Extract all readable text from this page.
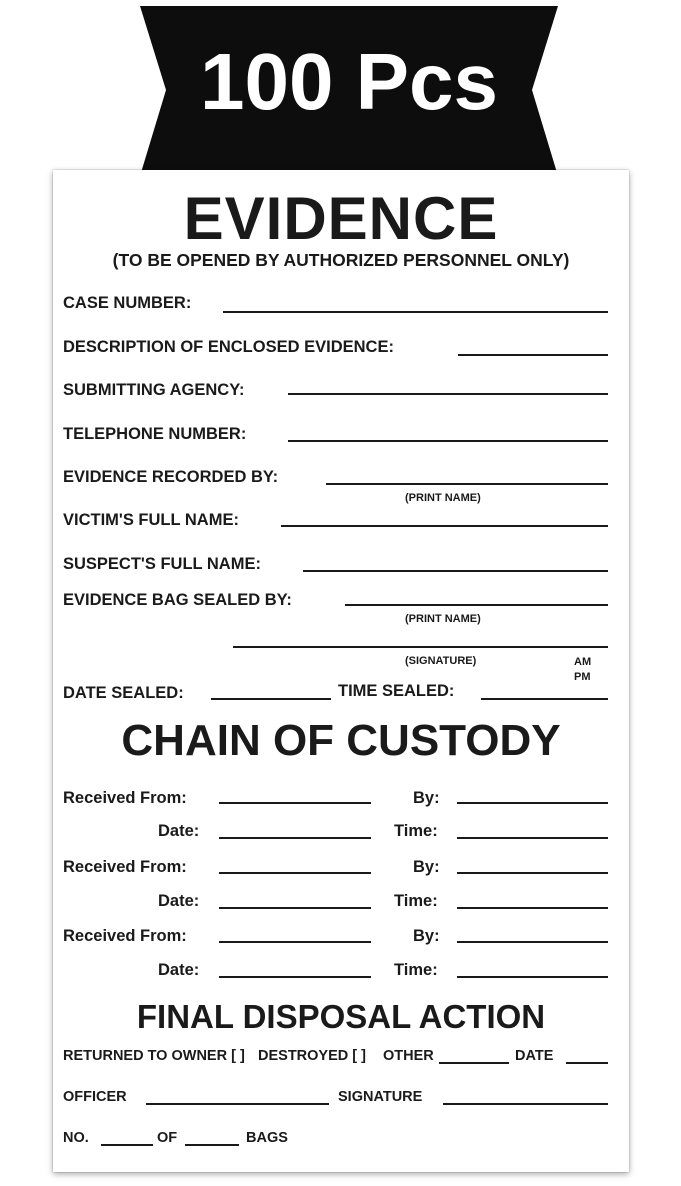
100 Pcs
EVIDENCE
(TO BE OPENED BY AUTHORIZED PERSONNEL ONLY)
CASE NUMBER:
DESCRIPTION OF ENCLOSED EVIDENCE:
SUBMITTING AGENCY:
TELEPHONE NUMBER:
EVIDENCE RECORDED BY:
(PRINT NAME)
VICTIM'S FULL NAME:
SUSPECT'S FULL NAME:
EVIDENCE BAG SEALED BY:
(PRINT NAME)
(SIGNATURE)	AM
PM
DATE SEALED:	TIME SEALED:
CHAIN OF CUSTODY
Received From:	By:
Date:	Time:
Received From:	By:
Date:	Time:
Received From:	By:
Date:	Time:
FINAL DISPOSAL ACTION
RETURNED TO OWNER [ ] DESTROYED [ ] OTHER	DATE
OFFICER	SIGNATURE
NO.	OF	BAGS
